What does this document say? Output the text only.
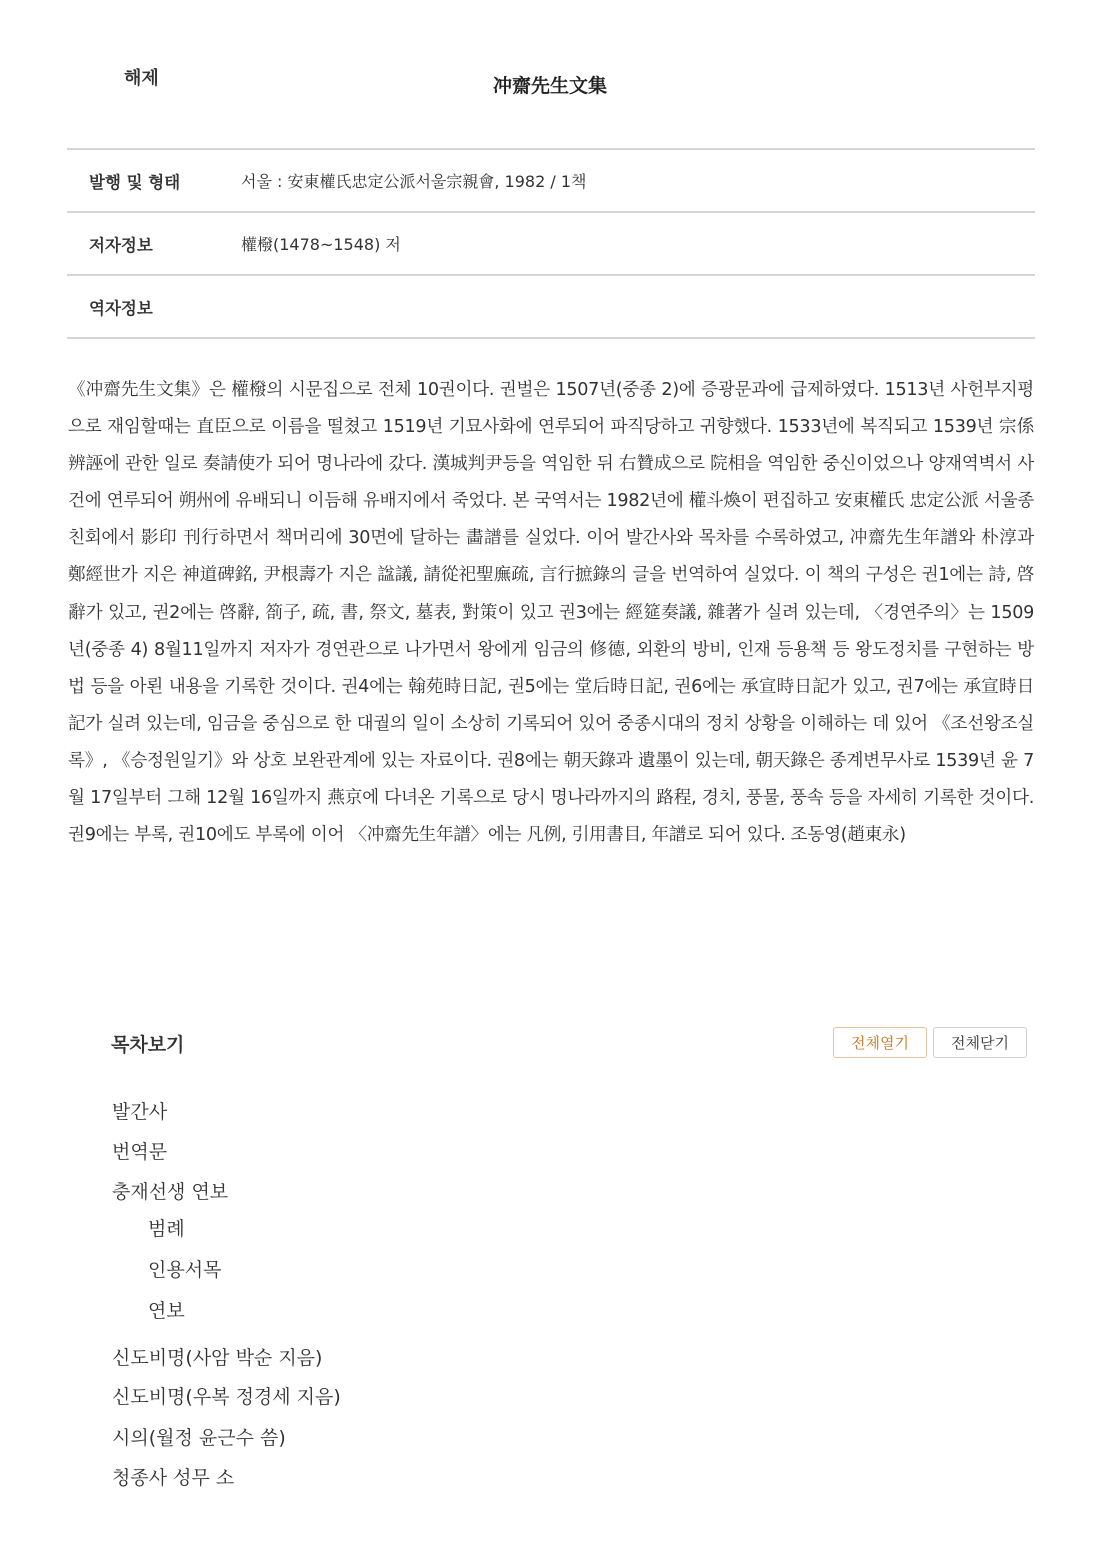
해제	冲齋先生文集
발행 및 형태	서울 : 安東權氏忠定公派서울宗親會, 1982 / 1책
저자정보	權橃(1478~1548) 저
역자정보
《冲齋先生文集》은 權橃의 시문집으로 전체 10권이다. 권벌은 1507년(중종 2)에 증광문과에 급제하였다. 1513년 사헌부지평으로 재임할때는 直臣으로 이름을 떨쳤고 1519년 기묘사화에 연루되어 파직당하고 귀향했다. 1533년에 복직되고 1539년 宗係辨誣에 관한 일로 奏請使가 되어 명나라에 갔다. 漢城判尹등을 역임한 뒤 右贊成으로 院相을 역임한 중신이었으나 양재역벽서 사건에 연루되어 朔州에 유배되니 이듬해 유배지에서 죽었다. 본 국역서는 1982년에 權斗煥이 편집하고 安東權氏 忠定公派 서울종친회에서 影印 刊行하면서 책머리에 30면에 달하는 畵譜를 실었다. 이어 발간사와 목차를 수록하였고, 冲齋先生年譜와 朴淳과 鄭經世가 지은 神道碑銘, 尹根壽가 지은 諡議, 請從祀聖廡疏, 言行摭錄의 글을 번역하여 실었다. 이 책의 구성은 권1에는 詩, 啓辭가 있고, 권2에는 啓辭, 箚子, 疏, 書, 祭文, 墓表, 對策이 있고 권3에는 經筵奏議, 雜著가 실려 있는데, 〈경연주의〉는 1509년(중종 4) 8월11일까지 저자가 경연관으로 나가면서 왕에게 임금의 修德, 외환의 방비, 인재 등용책 등 왕도정치를 구현하는 방법 등을 아뢴 내용을 기록한 것이다. 권4에는 翰苑時日記, 권5에는 堂后時日記, 권6에는 承宣時日記가 있고, 권7에는 承宣時日記가 실려 있는데, 임금을 중심으로 한 대궐의 일이 소상히 기록되어 있어 중종시대의 정치 상황을 이해하는 데 있어 《조선왕조실록》, 《승정원일기》와 상호 보완관계에 있는 자료이다. 권8에는 朝天錄과 遺墨이 있는데, 朝天錄은 종계변무사로 1539년 윤 7월 17일부터 그해 12월 16일까지 燕京에 다녀온 기록으로 당시 명나라까지의 路程, 경치, 풍물, 풍속 등을 자세히 기록한 것이다. 권9에는 부록, 권10에도 부록에 이어 〈冲齋先生年譜〉에는 凡例, 引用書目, 年譜로 되어 있다. 조동영(趙東永)
목차보기	전체열기	전체닫기
발간사
번역문
충재선생 연보
범례
인용서목
연보
신도비명(사암 박순 지음)
신도비명(우복 정경세 지음)
시의(월정 윤근수 씀)
청종사 성무 소
